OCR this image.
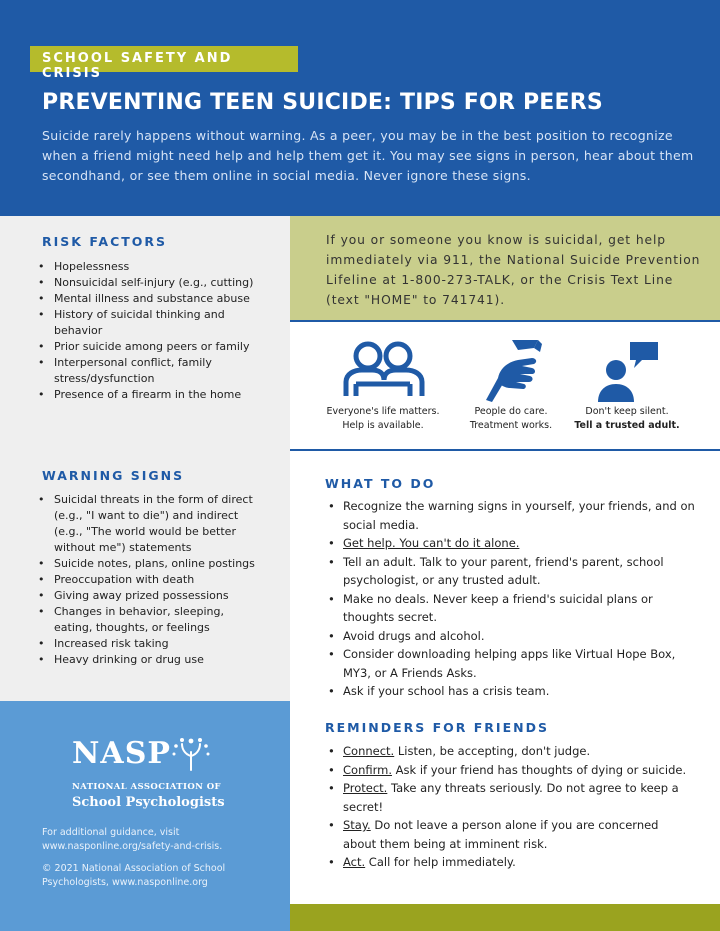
SCHOOL SAFETY AND CRISIS
PREVENTING TEEN SUICIDE: TIPS FOR PEERS
Suicide rarely happens without warning. As a peer, you may be in the best position to recognize when a friend might need help and help them get it. You may see signs in person, hear about them secondhand, or see them online in social media. Never ignore these signs.
RISK FACTORS
• Hopelessness
• Nonsuicidal self-injury (e.g., cutting)
• Mental illness and substance abuse
• History of suicidal thinking and behavior
• Prior suicide among peers or family
• Interpersonal conflict, family stress/dysfunction
• Presence of a firearm in the home
WARNING SIGNS
• Suicidal threats in the form of direct (e.g., "I want to die") and indirect (e.g., "The world would be better without me") statements
• Suicide notes, plans, online postings
• Preoccupation with death
• Giving away prized possessions
• Changes in behavior, sleeping, eating, thoughts, or feelings
• Increased risk taking
• Heavy drinking or drug use
NASP
NATIONAL ASSOCIATION OF
School Psychologists
For additional guidance, visit www.nasponline.org/safety-and-crisis.
© 2021 National Association of School Psychologists, www.nasponline.org

If you or someone you know is suicidal, get help immediately via 911, the National Suicide Prevention Lifeline at 1-800-273-TALK, or the Crisis Text Line (text "HOME" to 741741).

Everyone's life matters.
Help is available.
People do care.
Treatment works.
Don't keep silent.
Tell a trusted adult.
WHAT TO DO
• Recognize the warning signs in yourself, your friends, and on social media.
• Get help. You can't do it alone.
• Tell an adult. Talk to your parent, friend's parent, school psychologist, or any trusted adult.
• Make no deals. Never keep a friend's suicidal plans or thoughts secret.
• Avoid drugs and alcohol.
• Consider downloading helping apps like Virtual Hope Box, MY3, or A Friends Asks.
• Ask if your school has a crisis team.
REMINDERS FOR FRIENDS
• Connect. Listen, be accepting, don't judge.
• Confirm. Ask if your friend has thoughts of dying or suicide.
• Protect. Take any threats seriously. Do not agree to keep a secret!
• Stay. Do not leave a person alone if you are concerned about them being at imminent risk.
• Act. Call for help immediately.
